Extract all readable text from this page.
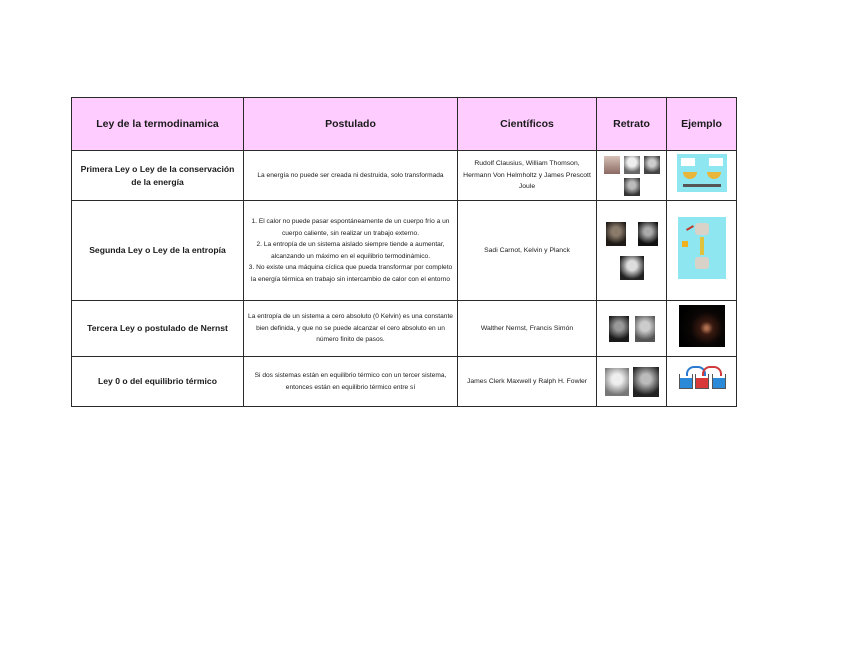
Ley de la termodinamica	Postulado	Científicos	Retrato	Ejemplo
Primera Ley o Ley de la conservación de la energía	La energía no puede ser creada ni destruida, solo transformada	Rudolf Clausius, William Thomson, Hermann Von Helmholtz y James Prescott Joule	

Segunda Ley o Ley de la entropía	1. El calor no puede pasar espontáneamente de un cuerpo frío a un cuerpo caliente, sin realizar un trabajo externo.
2. La entropía de un sistema aislado siempre tiende a aumentar, alcanzando un máximo en el equilibrio termodinámico.
3. No existe una máquina cíclica que pueda transformar por completo la energía térmica en trabajo sin intercambio de calor con el entorno	Sadi Carnot, Kelvin y Planck	

Tercera Ley o postulado de Nernst	La entropía de un sistema a cero absoluto (0 Kelvin) es una constante bien definida, y que no se puede alcanzar el cero absoluto en un número finito de pasos.	Walther Nernst, Francis Simón	

Ley 0 o del equilibrio térmico	Si dos sistemas están en equilibrio térmico con un tercer sistema, entonces están en equilibrio térmico entre sí	James Clerk Maxwell y Ralph H. Fowler	
